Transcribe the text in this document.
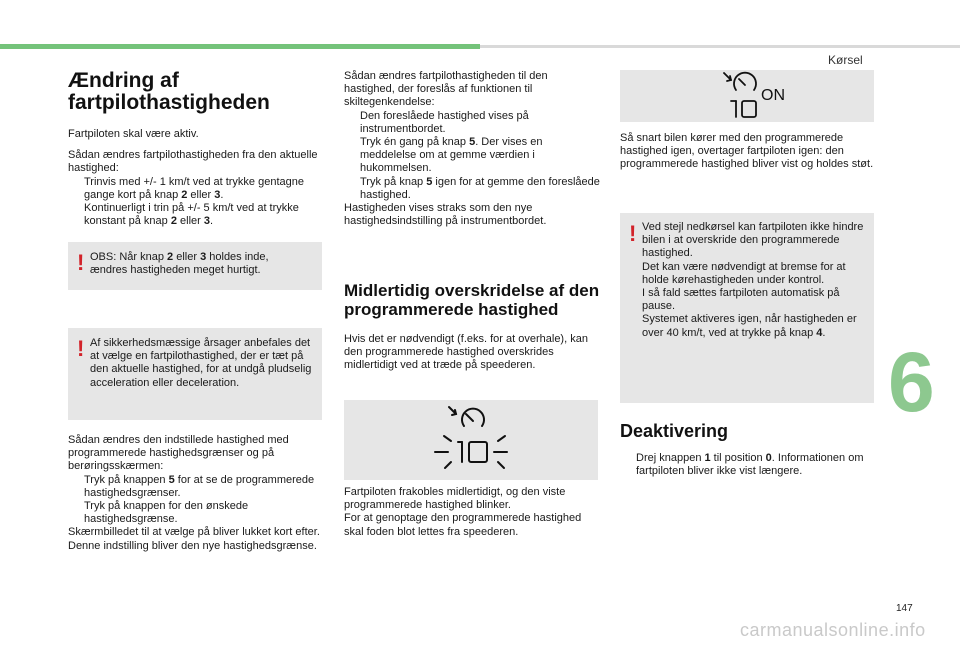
Kørsel
6
147
Ændring af
fartpilothastigheden

Fartpiloten skal være aktiv.

Sådan ændres fartpilothastigheden fra den aktuelle hastighed:

Trinvis med +/- 1 km/t ved at trykke gentagne gange kort på knap 2 eller 3.
Kontinuerligt i trin på +/- 5 km/t ved at trykke konstant på knap 2 eller 3.
! OBS: Når knap 2 eller 3 holdes inde, ændres hastigheden meget hurtigt.
! Af sikkerhedsmæssige årsager anbefales det at vælge en fartpilothastighed, der er tæt på den aktuelle hastighed, for at undgå pludselig acceleration eller deceleration.

Sådan ændres den indstillede hastighed med programmerede hastighedsgrænser og på berøringsskærmen:

Tryk på knappen 5 for at se de programmerede hastighedsgrænser.
Tryk på knappen for den ønskede hastighedsgrænse.

Skærmbilledet til at vælge på bliver lukket kort efter.

Denne indstilling bliver den nye hastighedsgrænse.

Sådan ændres fartpilothastigheden til den hastighed, der foreslås af funktionen til skiltegenkendelse:

Den foreslåede hastighed vises på instrumentbordet.
Tryk én gang på knap 5. Der vises en meddelelse om at gemme værdien i hukommelsen.
Tryk på knap 5 igen for at gemme den foreslåede hastighed.

Hastigheden vises straks som den nye hastighedsindstilling på instrumentbordet.

Midlertidig overskridelse af den
programmerede hastighed

Hvis det er nødvendigt (f.eks. for at overhale), kan den programmerede hastighed overskrides midlertidigt ved at træde på speederen.

Fartpiloten frakobles midlertidigt, og den viste programmerede hastighed blinker.

For at genoptage den programmerede hastighed skal foden blot lettes fra speederen.

ON

Så snart bilen kører med den programmerede hastighed igen, overtager fartpiloten igen: den programmerede hastighed bliver vist og holdes støt.

! Ved stejl nedkørsel kan fartpiloten ikke hindre bilen i at overskride den programmerede hastighed.

Det kan være nødvendigt at bremse for at holde kørehastigheden under kontrol.

I så fald sættes fartpiloten automatisk på pause.

Systemet aktiveres igen, når hastigheden er over 40 km/t, ved at trykke på knap 4.

Deaktivering
Drej knappen 1 til position 0. Informationen om fartpiloten bliver ikke vist længere.
carmanualsonline.info
